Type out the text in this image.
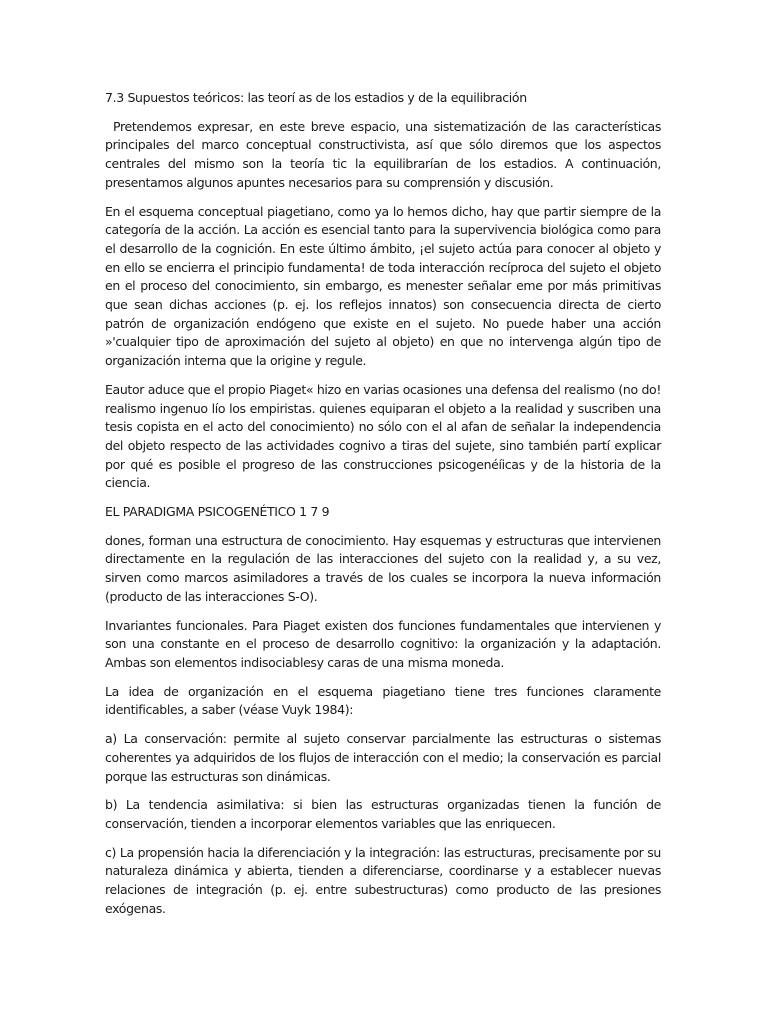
7.3 Supuestos teóricos: las teorí as de los estadios y de la equilibración

Pretendemos expresar, en este breve espacio, una sistematización de las características principales del marco conceptual constructivista, así que sólo diremos que los aspectos centrales del mismo son la teoría tic la equilibrarían de los estadios. A continuación, presentamos algunos apuntes necesarios para su comprensión y discusión.

En el esquema conceptual piagetiano, como ya lo hemos dicho, hay que partir siempre de la categoría de la acción. La acción es esencial tanto para la supervivencia biológica como para el desarrollo de la cognición. En este último ámbito, ¡el sujeto actúa para conocer al objeto y en ello se encierra el principio fundamenta! de toda interacción recíproca del sujeto el objeto en el proceso del conocimiento, sin embargo, es menester señalar eme por más primitivas que sean dichas acciones (p. ej. los reflejos innatos) son consecuencia directa de cierto patrón de organización endógeno que existe en el sujeto. No puede haber una acción »'cualquier tipo de aproximación del sujeto al objeto) en que no intervenga algún tipo de organización interna que la origine y regule.

Eautor aduce que el propio Piaget« hizo en varias ocasiones una defensa del realismo (no do! realismo ingenuo lío los empiristas. quienes equiparan el objeto a la realidad y suscriben una tesis copista en el acto del conocimiento) no sólo con el al afan de señalar la independencia del objeto respecto de las actividades cognivo a tiras del sujete, sino también partí explicar por qué es posible el progreso de las construcciones psicogenéíicas y de la historia de la ciencia.

EL PARADIGMA PSICOGENÉTICO 1 7 9

dones, forman una estructura de conocimiento. Hay esquemas y estructuras que intervienen directamente en la regulación de las interacciones del sujeto con la realidad y, a su vez, sirven como marcos asimiladores a través de los cuales se incorpora la nueva información (producto de las interacciones S-O).

Invariantes funcionales. Para Piaget existen dos funciones fundamentales que intervienen y son una constante en el proceso de desarrollo cognitivo: la organización y la adaptación. Ambas son elementos indisociablesy caras de una misma moneda.

La idea de organización en el esquema piagetiano tiene tres funciones claramente identificables, a saber (véase Vuyk 1984):

a) La conservación: permite al sujeto conservar parcialmente las estructuras o sistemas coherentes ya adquiridos de los flujos de interacción con el medio; la conservación es parcial porque las estructuras son dinámicas.

b) La tendencia asimilativa: si bien las estructuras organizadas tienen la función de conservación, tienden a incorporar elementos variables que las enriquecen.

c) La propensión hacia la diferenciación y la integración: las estructuras, precisamente por su naturaleza dinámica y abierta, tienden a diferenciarse, coordinarse y a establecer nuevas relaciones de integración (p. ej. entre subestructuras) como producto de las presiones exógenas.
